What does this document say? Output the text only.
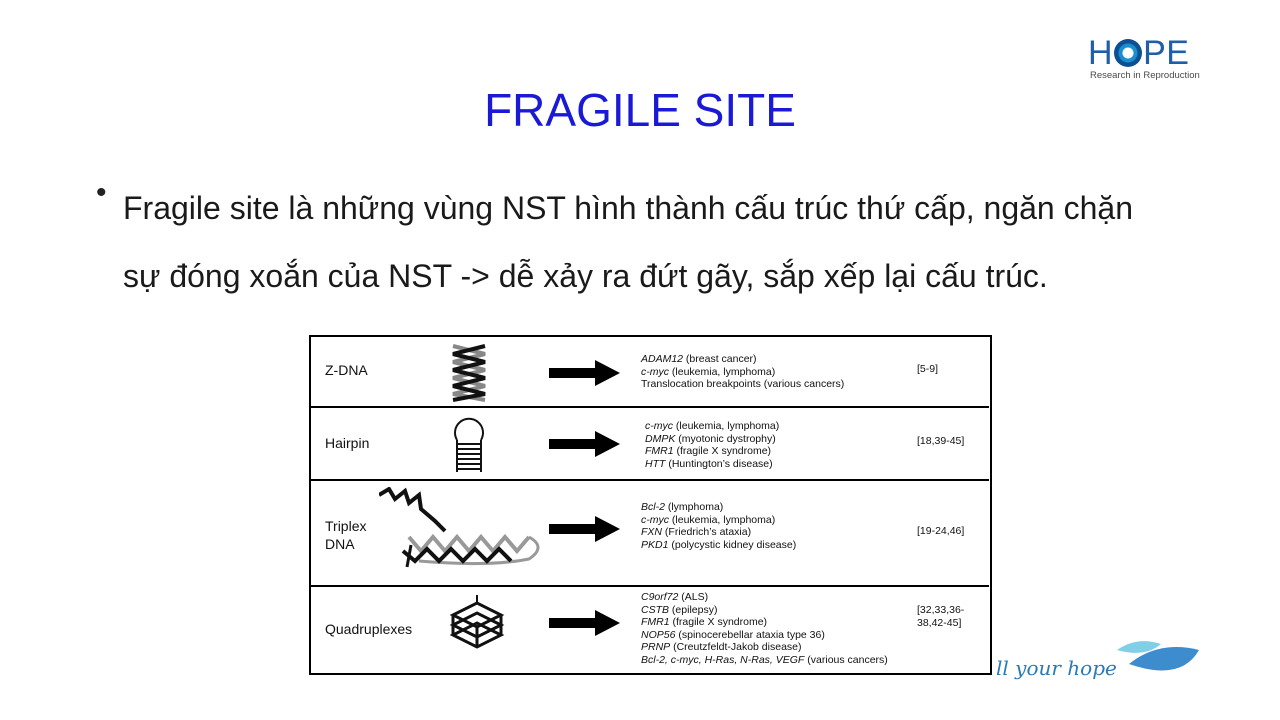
H PE
Research in Reproduction
FRAGILE SITE
• Fragile site là những vùng NST hình thành cấu trúc thứ cấp, ngăn chặn
sự đóng xoắn của NST -> dễ xảy ra đứt gãy, sắp xếp lại cấu trúc.
Z-DNA
ADAM12 (breast cancer)
c-myc (leukemia, lymphoma)
Translocation breakpoints (various cancers)
[5-9]
Hairpin
c-myc (leukemia, lymphoma)
DMPK (myotonic dystrophy)
FMR1 (fragile X syndrome)
HTT (Huntington’s disease)
[18,39-45]
Triplex
DNA
Bcl-2 (lymphoma)
c-myc (leukemia, lymphoma)
FXN (Friedrich’s ataxia)
PKD1 (polycystic kidney disease)
[19-24,46]
Quadruplexes
C9orf72 (ALS)
CSTB (epilepsy)
FMR1 (fragile X syndrome)
NOP56 (spinocerebellar ataxia type 36)
PRNP (Creutzfeldt-Jakob disease)
Bcl-2, c-myc, H-Ras, N-Ras, VEGF (various cancers)
[32,33,36-
38,42-45]
ll your hope
